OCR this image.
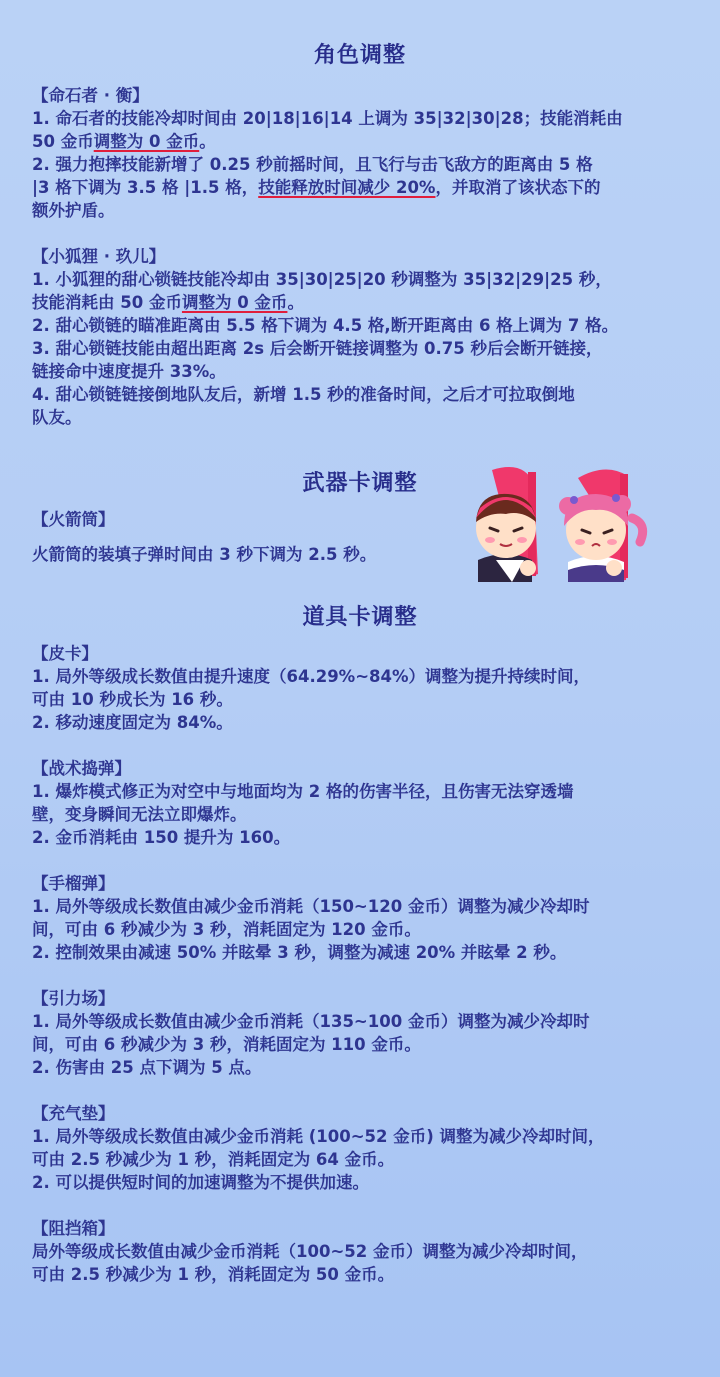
角色调整

【命石者 · 衡】

1. 命石者的技能冷却时间由 20|18|16|14 上调为 35|32|30|28；技能消耗由

50 金币调整为 0 金币。

2. 强力抱摔技能新增了 0.25 秒前摇时间，且飞行与击飞敌方的距离由 5 格

|3 格下调为 3.5 格 |1.5 格，技能释放时间减少 20%，并取消了该状态下的

额外护盾。

【小狐狸 · 玖儿】

1. 小狐狸的甜心锁链技能冷却由 35|30|25|20 秒调整为 35|32|29|25 秒，

技能消耗由 50 金币调整为 0 金币。

2. 甜心锁链的瞄准距离由 5.5 格下调为 4.5 格,断开距离由 6 格上调为 7 格。

3. 甜心锁链技能由超出距离 2s 后会断开链接调整为 0.75 秒后会断开链接，

链接命中速度提升 33%。

4. 甜心锁链链接倒地队友后，新增 1.5 秒的准备时间，之后才可拉取倒地

队友。

武器卡调整

【火箭筒】

火箭筒的装填子弹时间由 3 秒下调为 2.5 秒。

道具卡调整

【皮卡】

1. 局外等级成长数值由提升速度（64.29%~84%）调整为提升持续时间，

可由 10 秒成长为 16 秒。

2. 移动速度固定为 84%。

【战术捣弹】

1. 爆炸模式修正为对空中与地面均为 2 格的伤害半径，且伤害无法穿透墙

壁，变身瞬间无法立即爆炸。

2. 金币消耗由 150 提升为 160。

【手榴弹】

1. 局外等级成长数值由减少金币消耗（150~120 金币）调整为减少冷却时

间，可由 6 秒减少为 3 秒，消耗固定为 120 金币。

2. 控制效果由减速 50% 并眩晕 3 秒，调整为减速 20% 并眩晕 2 秒。

【引力场】

1. 局外等级成长数值由减少金币消耗（135~100 金币）调整为减少冷却时

间，可由 6 秒减少为 3 秒，消耗固定为 110 金币。

2. 伤害由 25 点下调为 5 点。

【充气垫】

1. 局外等级成长数值由减少金币消耗 (100~52 金币) 调整为减少冷却时间，

可由 2.5 秒减少为 1 秒，消耗固定为 64 金币。

2. 可以提供短时间的加速调整为不提供加速。

【阻挡箱】

局外等级成长数值由减少金币消耗（100~52 金币）调整为减少冷却时间，

可由 2.5 秒减少为 1 秒，消耗固定为 50 金币。
